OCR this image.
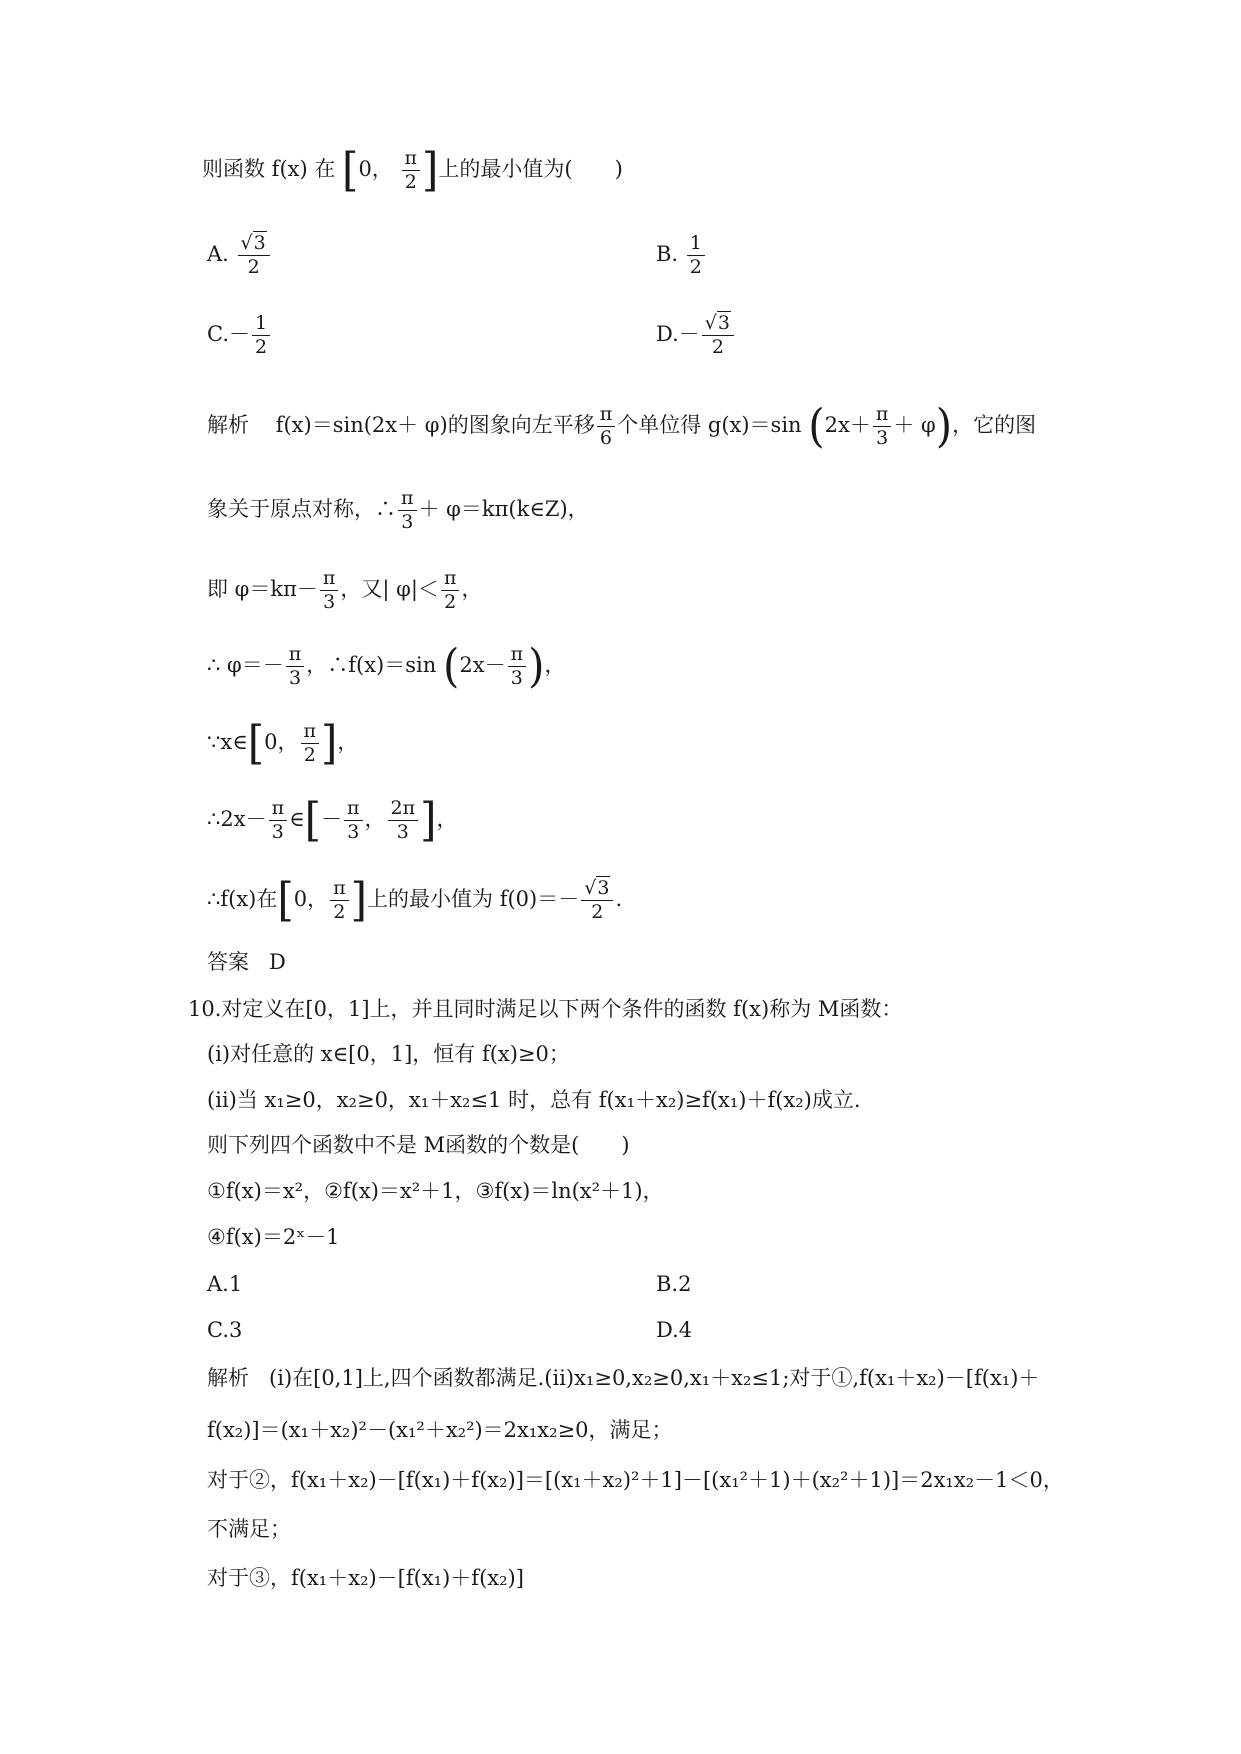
则函数 f(x) 在 [0， $\frac{\pi}{2}$ ]上的最小值为(　　)
A. $\frac{√3}{2}$	B. $\frac{1}{2}$
$C.- \frac{1}{2}$	$D.- \frac{√3}{2}$
解析 f(x)＝sin(2x＋ φ)的图象向左平移 $\frac{\pi}{6}$ 个单位得 g(x)＝sin $(2x+ \frac{\pi}{3} + \varphi)$，它的图
象关于原点对称，∴ $\frac{\pi}{3}$ ＋ φ＝kπ(k∈Z)，
即 $\varphi=k\pi- \frac{\pi}{3}$ ，又| $\varphi|< \frac{\pi}{2}$ ，
∴ $\varphi=- \frac{\pi}{3}$ ，∴f(x)＝sin ($2x- \frac{\pi}{3}$ )，
∵x∈[0， $\frac{\pi}{2}$ ]，
∴2x－ $\frac{\pi}{3}$ ∈[－ $\frac{\pi}{3}$ ， $\frac{2\pi}{3}$ ]，
∴f(x)在[0， $\frac{\pi}{2}$ ]上的最小值为 $f(0)=- \frac{√3}{2}$ .
答案 D
10.对定义在[0，1]上，并且同时满足以下两个条件的函数 f(x)称为 M函数：
(ⅰ)对任意的 x∈[0，1]，恒有 f(x)≥0；
(ⅱ)当 x₁≥0，x₂≥0，x₁＋x₂≤1 时，总有 f(x₁＋x₂)≥f(x₁)＋f(x₂)成立.
则下列四个函数中不是 M函数的个数是(　　)
①f(x)＝x²，②f(x)＝x²＋1，③f(x)＝ln(x²＋1)，
④f(x)＝2ˣ－1
A.1	B.2
C.3	D.4
解析 (ⅰ)在[0,1]上,四个函数都满足.(ⅱ)x₁≥0,x₂≥0,x₁＋x₂≤1;对于①,f(x₁＋x₂)－[f(x₁)＋
f(x₂)]＝(x₁＋x₂)²－(x₁²＋x₂²)＝2x₁x₂≥0，满足；
对于②，f(x₁＋x₂)－[f(x₁)＋f(x₂)]＝[(x₁＋x₂)²＋1]－[(x₁²＋1)＋(x₂²＋1)]＝2x₁x₂－1＜0，
不满足；
对于③，f(x₁＋x₂)－[f(x₁)＋f(x₂)]
